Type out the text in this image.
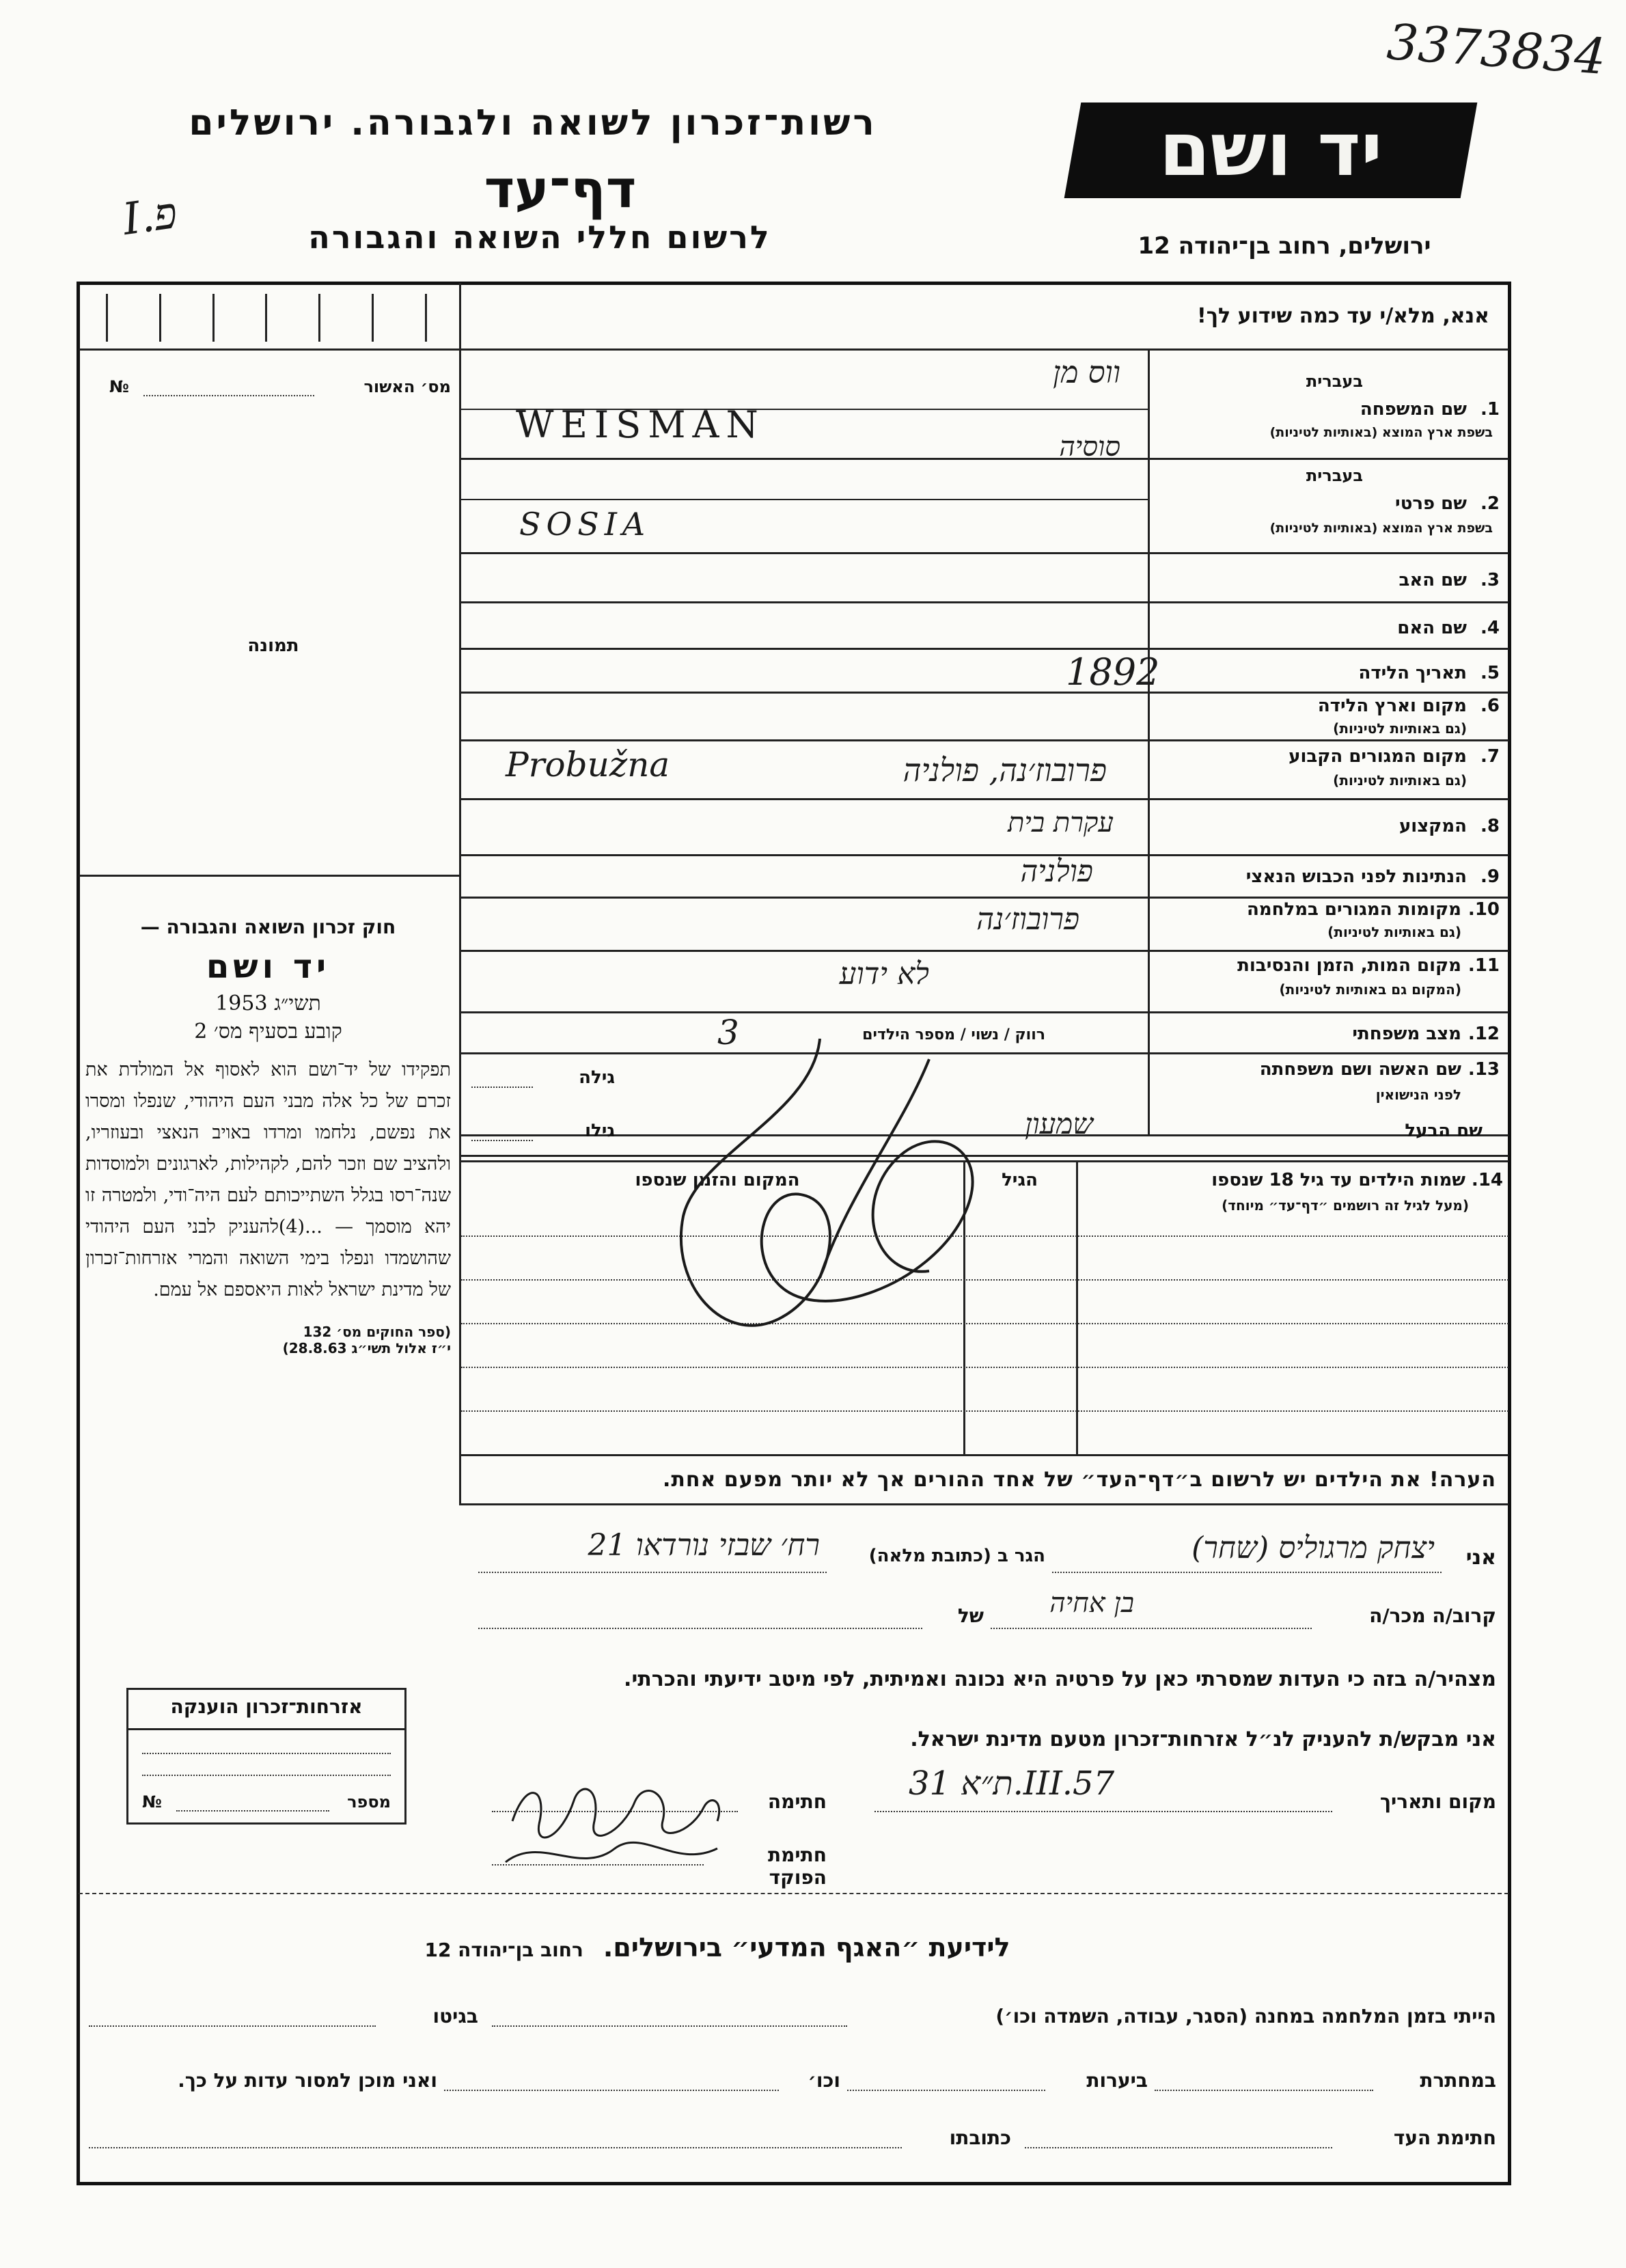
רשות־זכרון לשואה ולגבורה. ירושלים
דף־עד
לרשום חללי השואה והגבורה
I.פ
יד ושם
ירושלים, רחוב בן־יהודה 12
3373834
אנא, מלא/י עד כמה שידוע לך!
מס׳ האשור
№
תמונה
בעברית
1.
שם המשפחה
בשפת ארץ המוצא (באותיות לטיניות)
בעברית
2.
שם פרטי
בשפת ארץ המוצא (באותיות לטיניות)
3.
שם האב
4.
שם האם
5.
תאריך הלידה
6.
מקום וארץ הלידה
(גם באותיות לטיניות)
7.
מקום המגורים הקבוע
(גם באותיות לטיניות)
8.
המקצוע
9.
הנתינות לפני הכבוש הנאצי
10.
מקומות המגורים במלחמה
(גם באותיות לטיניות)
11.
מקום המות, הזמן והנסיבות
(המקום גם באותיות לטיניות)
12.
מצב משפחתי
13.
שם האשה ושם משפחתה
לפני הנישואין
שם הבעל
ווס מן
WEISMAN
סוסיה
SOSIA
1892
Probužna	פרובוז׳נה, פולניה
עקרת בית
פולניה
פרובוז׳נה
לא ידוע
רווק / נשוי / מספר הילדים
3
גילה
גילו	שמעון
14.
שמות הילדים עד גיל 18 שנספו
(מעל לגיל זה רושמים ״דף־עד״ מיוחד)
הגיל
המקום והזמן שנספו
חוק זכרון השואה והגבורה —
יד ושם
תשי״ג 1953
קובע בסעיף מס׳ 2
תפקידו של יד־ושם הוא לאסוף אל המולדת את זכרם של כל אלה מבני העם היהודי, שנפלו ומסרו את נפשם, נלחמו ומרדו באויב הנאצי ובעוזריו, ולהציב שם וזכר להם, לקהילות, לארגונים ולמוסדות שנה־רסו בגלל השתייכותם לעם היה־ודי, ולמטרה זו יהא מוסמך — ...(4)להעניק לבני העם היהודי שהושמדו ונפלו בימי השואה והמרי אזרחות־זכרון של מדינת ישראל לאות היאספם אל עמם.
(ספר החוקים מס׳ 132
י״ז אלול תשי״ג 28.8.63)
הערה! את הילדים יש לרשום ב״דף־העד״ של אחד ההורים אך לא יותר מפעם אחת.
אני
יצחק מרגוליס (שחר)
הגר ב (כתובת מלאה)
רח׳ שבזי נורדאו 21
קרוב/ה מכר/ה
בן אחיה
של
מצהיר/ה בזה כי העדות שמסרתי כאן על פרטיה היא נכונה ואמיתית, לפי מיטב ידיעתי והכרתי.
אני מבקש/ת להעניק לנ״ל אזרחות־זכרון מטעם מדינת ישראל.
מקום ותאריך
ת״א 31.III.57
חתימה
חתימת הפוקד
אזרחות־זכרון הוענקה
מספר
№
לידיעת ״האגף המדעי״ בירושלים. רחוב בן־יהודה 12
הייתי בזמן המלחמה במחנה (הסגר, עבודה, השמדה וכו׳)
בגיטו
במחתרת
ביערות
וכו׳
ואני מוכן למסור עדות על כך.
חתימת העד
כתובתו
